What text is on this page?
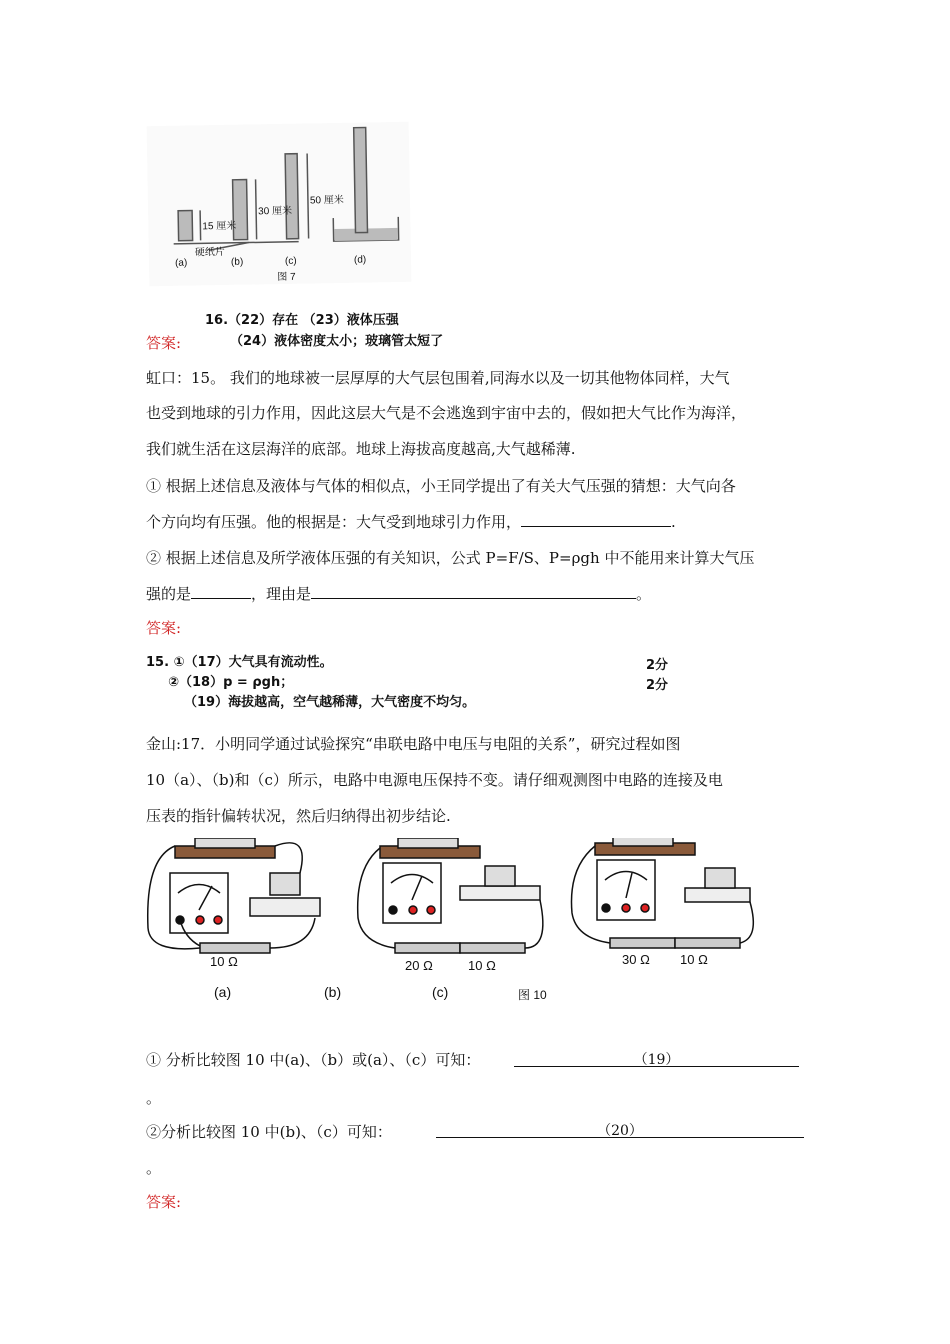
15 厘米
30 厘米
50 厘米
硬纸片
(a)	(b)	(c)	(d)
图 7
16.（22）存在 （23）液体压强
（24）液体密度太小；玻璃管太短了
答案:
虹口：15。 我们的地球被一层厚厚的大气层包围着,同海水以及一切其他物体同样，大气
也受到地球的引力作用，因此这层大气是不会逃逸到宇宙中去的，假如把大气比作为海洋，
我们就生活在这层海洋的底部。地球上海拔高度越高,大气越稀薄.
① 根据上述信息及液体与气体的相似点，小王同学提出了有关大气压强的猜想：大气向各
个方向均有压强。他的根据是：大气受到地球引力作用，	.
② 根据上述信息及所学液体压强的有关知识，公式 P=F/S、P=ρgh 中不能用来计算大气压
强的是	，理由是	。
答案:
15. ①（17）大气具有流动性。
②（18）p = ρgh；
（19）海拔越高，空气越稀薄，大气密度不均匀。
2分
2分
金山:17．小明同学通过试验探究“串联电路中电压与电阻的关系”，研究过程如图
10（a）、（b)和（c）所示，电路中电源电压保持不变。请仔细观测图中电路的连接及电
压表的指针偏转状况，然后归纳得出初步结论.
10 Ω	20 Ω	10 Ω	30 Ω 10 Ω
(a)	(b)	(c)	图 10
① 分析比较图 10 中(a)、（b）或(a）、（c）可知：	（19）
。
②分析比较图 10 中(b)、（c）可知：	（20）
。
答案:
